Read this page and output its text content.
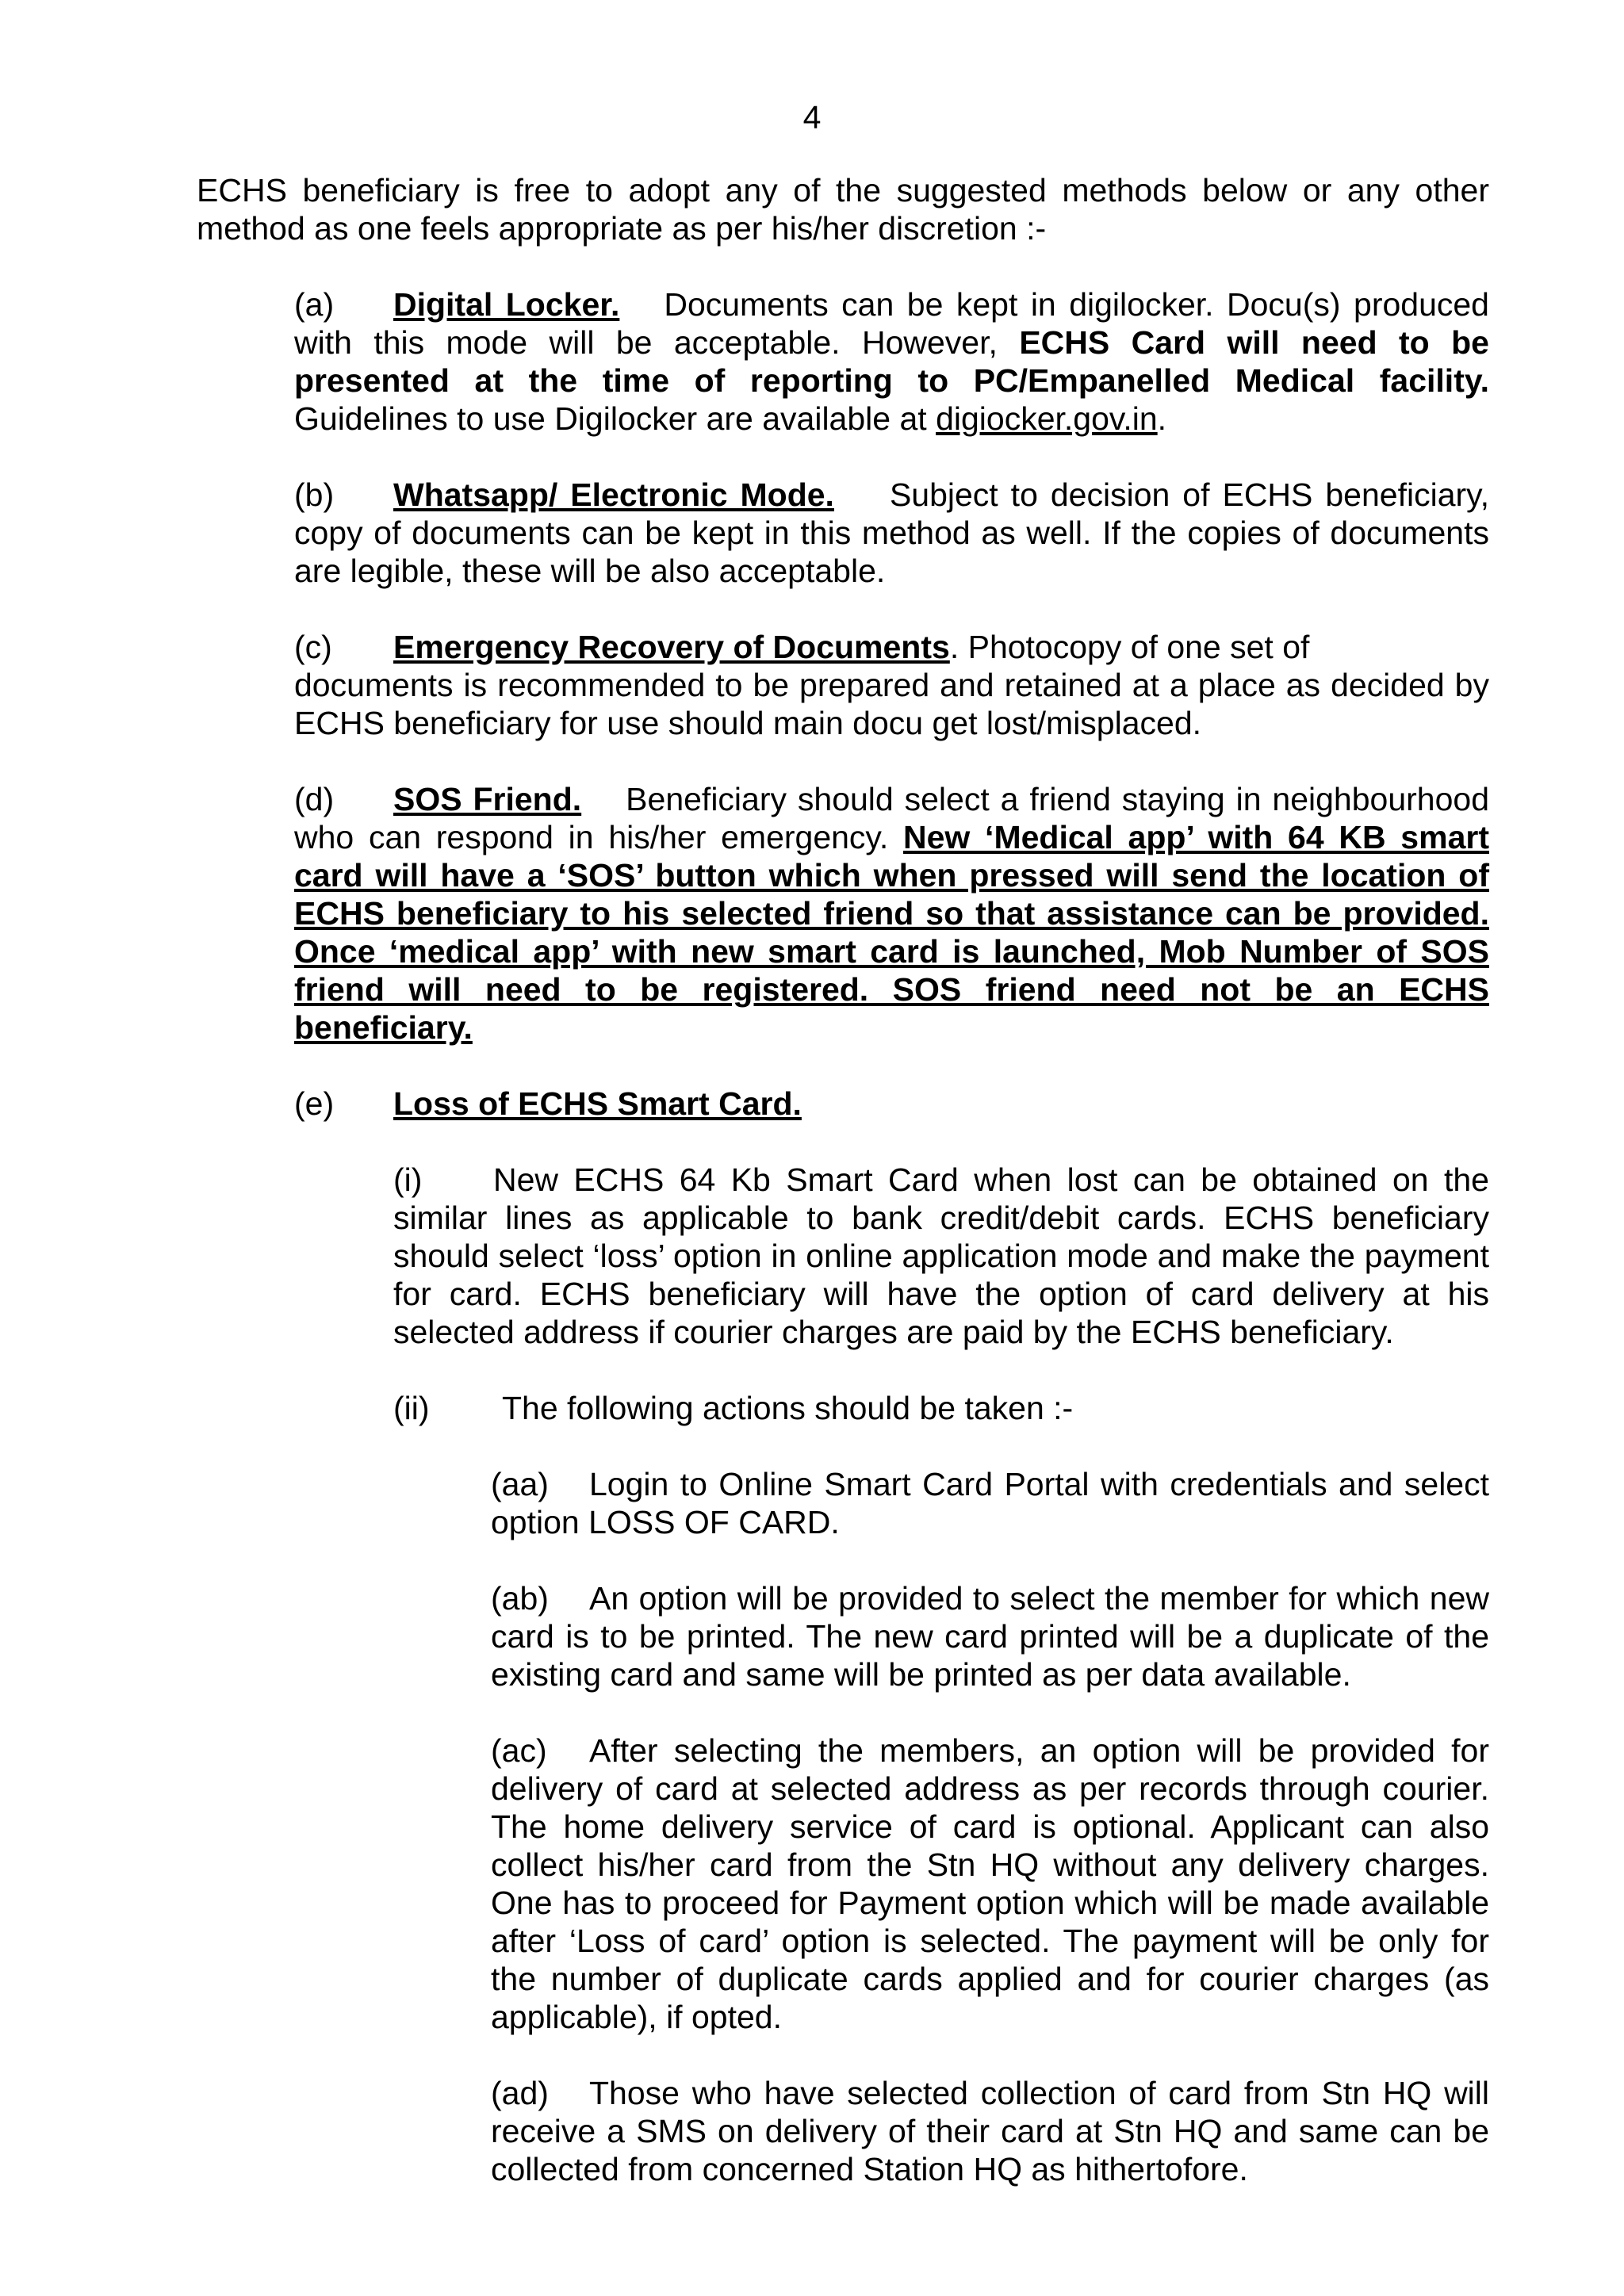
4

ECHS beneficiary is free to adopt any of the suggested methods below or any other method as one feels appropriate as per his/her discretion :-

(a) Digital Locker. Documents can be kept in digilocker. Docu(s) produced with this mode will be acceptable. However, ECHS Card will need to be presented at the time of reporting to PC/Empanelled Medical facility. Guidelines to use Digilocker are available at digiocker.gov.in.

(b) Whatsapp/ Electronic Mode. Subject to decision of ECHS beneficiary, copy of documents can be kept in this method as well. If the copies of documents are legible, these will be also acceptable.

(c) Emergency Recovery of Documents. Photocopy of one set of

documents is recommended to be prepared and retained at a place as decided by ECHS beneficiary for use should main docu get lost/misplaced.

(d) SOS Friend. Beneficiary should select a friend staying in neighbourhood who can respond in his/her emergency. New ‘Medical app’ with 64 KB smart card will have a ‘SOS’ button which when pressed will send the location of ECHS beneficiary to his selected friend so that assistance can be provided. Once ‘medical app’ with new smart card is launched, Mob Number of SOS friend will need to be registered. SOS friend need not be an ECHS beneficiary.

(e) Loss of ECHS Smart Card.

(i) New ECHS 64 Kb Smart Card when lost can be obtained on the similar lines as applicable to bank credit/debit cards. ECHS beneficiary should select ‘loss’ option in online application mode and make the payment for card. ECHS beneficiary will have the option of card delivery at his selected address if courier charges are paid by the ECHS beneficiary.

(ii) The following actions should be taken :-

(aa) Login to Online Smart Card Portal with credentials and select option LOSS OF CARD.

(ab) An option will be provided to select the member for which new card is to be printed. The new card printed will be a duplicate of the existing card and same will be printed as per data available.

(ac) After selecting the members, an option will be provided for delivery of card at selected address as per records through courier. The home delivery service of card is optional. Applicant can also collect his/her card from the Stn HQ without any delivery charges. One has to proceed for Payment option which will be made available after ‘Loss of card’ option is selected. The payment will be only for the number of duplicate cards applied and for courier charges (as applicable), if opted.

(ad) Those who have selected collection of card from Stn HQ will receive a SMS on delivery of their card at Stn HQ and same can be collected from concerned Station HQ as hithertofore.
